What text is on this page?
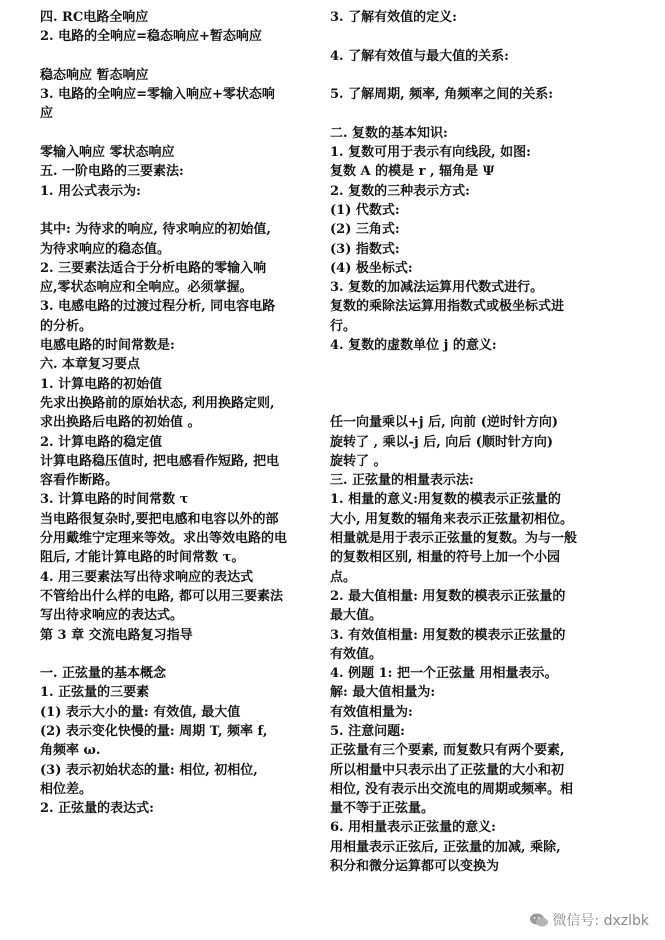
四. RC电路全响应
2. 电路的全响应=稳态响应+暂态响应
稳态响应 暂态响应
3. 电路的全响应=零输入响应+零状态响
应
零输入响应 零状态响应
五. 一阶电路的三要素法:
1. 用公式表示为:
其中: 为待求的响应, 待求响应的初始值,
为待求响应的稳态值。
2. 三要素法适合于分析电路的零输入响
应,零状态响应和全响应。必须掌握。
3. 电感电路的过渡过程分析, 同电容电路
的分析。
电感电路的时间常数是:
六. 本章复习要点
1. 计算电路的初始值
先求出换路前的原始状态, 利用换路定则,
求出换路后电路的初始值 。
2. 计算电路的稳定值
计算电路稳压值时, 把电感看作短路, 把电
容看作断路。
3. 计算电路的时间常数 τ
当电路很复杂时,要把电感和电容以外的部
分用戴维宁定理来等效。求出等效电路的电
阻后, 才能计算电路的时间常数 τ。
4. 用三要素法写出待求响应的表达式
不管给出什么样的电路, 都可以用三要素法
写出待求响应的表达式。
第 3 章 交流电路复习指导
一. 正弦量的基本概念
1. 正弦量的三要素
(1) 表示大小的量: 有效值, 最大值
(2) 表示变化快慢的量: 周期 T, 频率 f,
角频率 ω.
(3) 表示初始状态的量: 相位, 初相位,
相位差。
2. 正弦量的表达式:
3. 了解有效值的定义:
4. 了解有效值与最大值的关系:
5. 了解周期, 频率, 角频率之间的关系:
二. 复数的基本知识:
1. 复数可用于表示有向线段, 如图:
复数 A 的模是 r , 辐角是 Ψ
2. 复数的三种表示方式:
(1) 代数式:
(2) 三角式:
(3) 指数式:
(4) 极坐标式:
3. 复数的加减法运算用代数式进行。
复数的乘除法运算用指数式或极坐标式进
行。
4. 复数的虚数单位 j 的意义:
任一向量乘以+j 后, 向前 (逆时针方向)
旋转了 , 乘以-j 后, 向后 (顺时针方向)
旋转了 。
三. 正弦量的相量表示法:
1. 相量的意义:用复数的模表示正弦量的
大小, 用复数的辐角来表示正弦量初相位。
相量就是用于表示正弦量的复数。为与一般
的复数相区别, 相量的符号上加一个小园
点。
2. 最大值相量: 用复数的模表示正弦量的
最大值。
3. 有效值相量: 用复数的模表示正弦量的
有效值。
4. 例题 1: 把一个正弦量 用相量表示。
解: 最大值相量为:
有效值相量为:
5. 注意问题:
正弦量有三个要素, 而复数只有两个要素,
所以相量中只表示出了正弦量的大小和初
相位, 没有表示出交流电的周期或频率。相
量不等于正弦量。
6. 用相量表示正弦量的意义:
用相量表示正弦后, 正弦量的加减, 乘除,
积分和微分运算都可以变换为
微信号: dxzlbk
